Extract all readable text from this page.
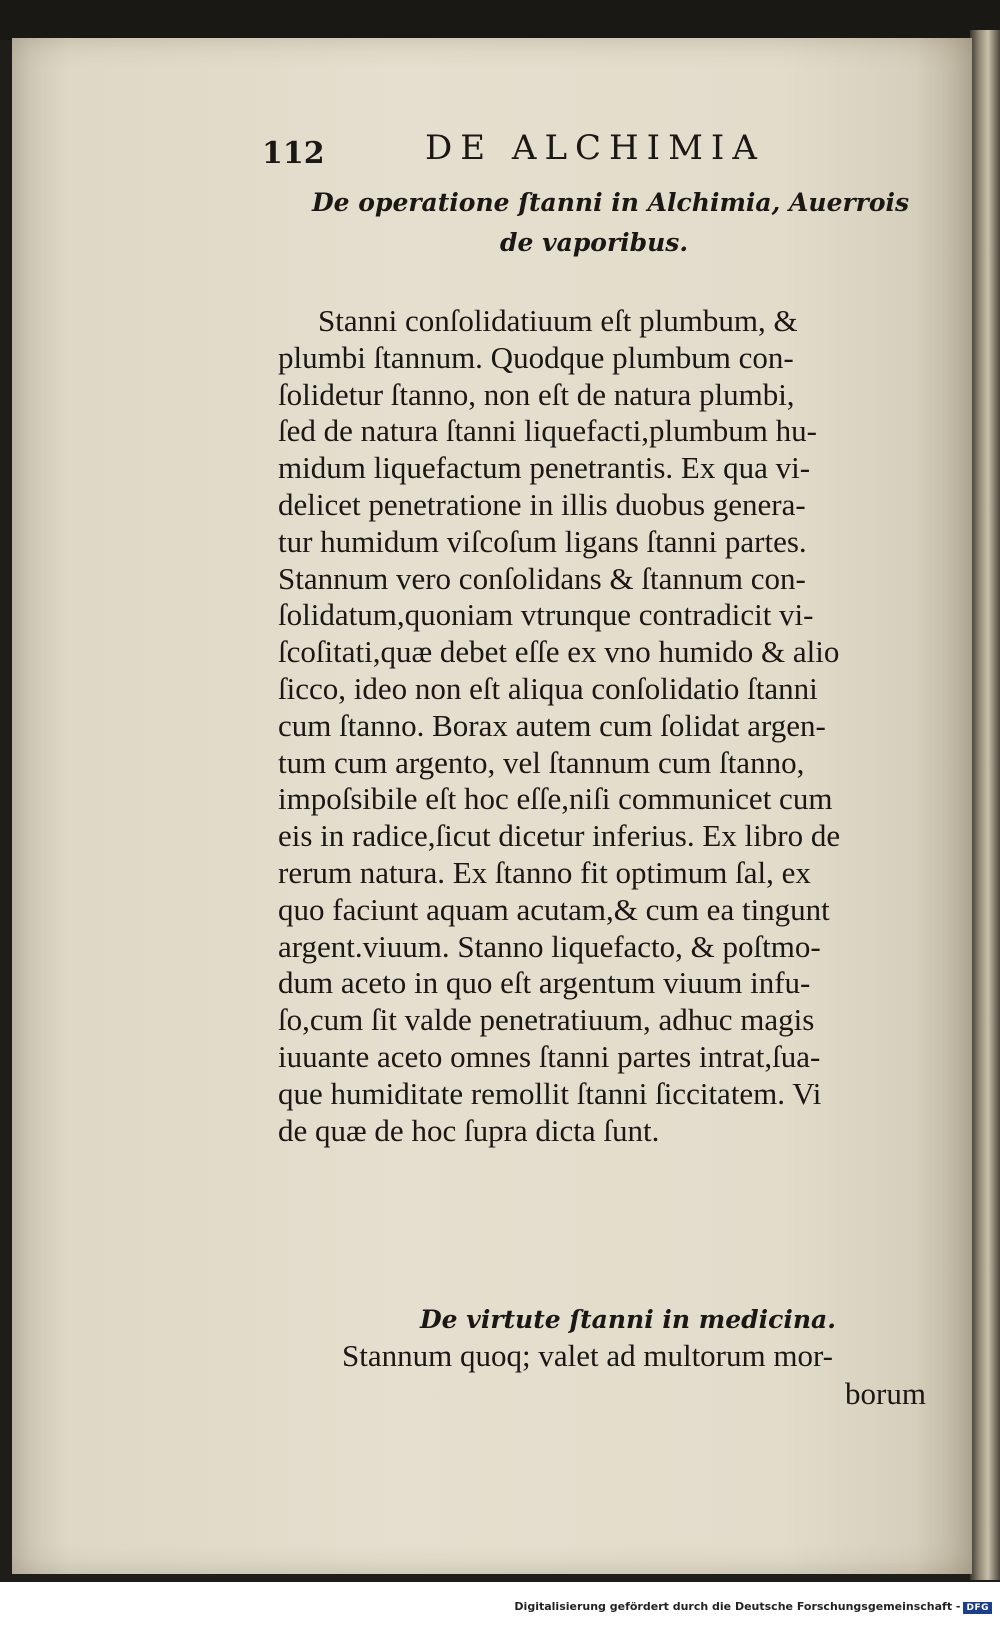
112	DE ALCHIMIA
De operatione ſtanni in Alchimia, Auerrois
de vaporibus.
Stanni conſolidatiuum eſt plumbum, &
plumbi ſtannum. Quodque plumbum con-
ſolidetur ſtanno, non eſt de natura plumbi,
ſed de natura ſtanni liquefacti,plumbum hu-
midum liquefactum penetrantis. Ex qua vi-
delicet penetratione in illis duobus genera-
tur humidum viſcoſum ligans ſtanni partes.
Stannum vero conſolidans & ſtannum con-
ſolidatum,quoniam vtrunque contradicit vi-
ſcoſitati,quæ debet eſſe ex vno humido & alio
ſicco, ideo non eſt aliqua conſolidatio ſtanni
cum ſtanno. Borax autem cum ſolidat argen-
tum cum argento, vel ſtannum cum ſtanno,
impoſsibile eſt hoc eſſe,niſi communicet cum
eis in radice,ſicut dicetur inferius. Ex libro de
rerum natura. Ex ſtanno fit optimum ſal, ex
quo faciunt aquam acutam,& cum ea tingunt
argent.viuum. Stanno liquefacto, & poſtmo-
dum aceto in quo eſt argentum viuum infu-
ſo,cum ſit valde penetratiuum, adhuc magis
iuuante aceto omnes ſtanni partes intrat,ſua-
que humiditate remollit ſtanni ſiccitatem. Vi
de quæ de hoc ſupra dicta ſunt.
De virtute ſtanni in medicina.
Stannum quoq; valet ad multorum mor-
borum
Digitalisierung gefördert durch die Deutsche Forschungsgemeinschaft - DFG
